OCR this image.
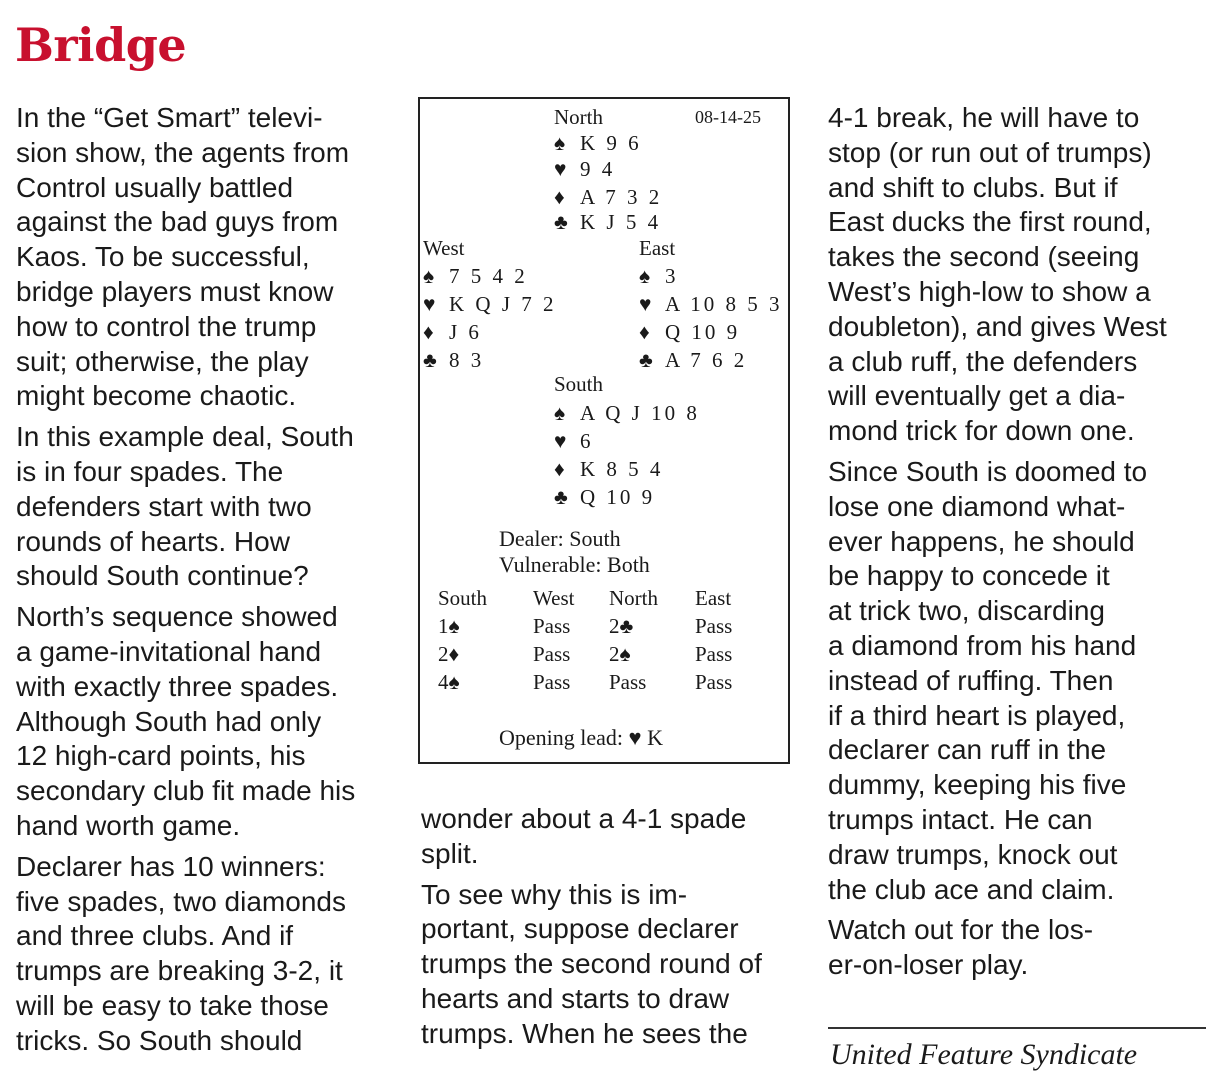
Bridge

In the “Get Smart” televi-
sion show, the agents from
Control usually battled
against the bad guys from
Kaos. To be successful,
bridge players must know
how to control the trump
suit; otherwise, the play
might become chaotic.

In this example deal, South
is in four spades. The
defenders start with two
rounds of hearts. How
should South continue?

North’s sequence showed
a game-invitational hand
with exactly three spades.
Although South had only
12 high-card points, his
secondary club fit made his
hand worth game.

Declarer has 10 winners:
five spades, two diamonds
and three clubs. And if
trumps are breaking 3-2, it
will be easy to take those
tricks. So South should

North	08-14-25
♠ K 9 6
♥ 9 4
♦ A 7 3 2
♣ K J 5 4
West
♠ 7 5 4 2
♥ K Q J 7 2
♦ J 6
♣ 8 3
East
♠ 3
♥ A 10 8 5 3
♦ Q 10 9
♣ A 7 6 2
South
♠ A Q J 10 8
♥ 6
♦ K 8 5 4
♣ Q 10 9
Dealer: South
Vulnerable: Both
South West North East
1♠	Pass 2♣	Pass
2♦	Pass 2♠	Pass
4♠	Pass Pass Pass
Opening lead: ♥ K

wonder about a 4-1 spade
split.

To see why this is im-
portant, suppose declarer
trumps the second round of
hearts and starts to draw
trumps. When he sees the

4-1 break, he will have to
stop (or run out of trumps)
and shift to clubs. But if
East ducks the first round,
takes the second (seeing
West’s high-low to show a
doubleton), and gives West
a club ruff, the defenders
will eventually get a dia-
mond trick for down one.

Since South is doomed to
lose one diamond what-
ever happens, he should
be happy to concede it
at trick two, discarding
a diamond from his hand
instead of ruffing. Then
if a third heart is played,
declarer can ruff in the
dummy, keeping his five
trumps intact. He can
draw trumps, knock out
the club ace and claim.

Watch out for the los-
er-on-loser play.

United Feature Syndicate
